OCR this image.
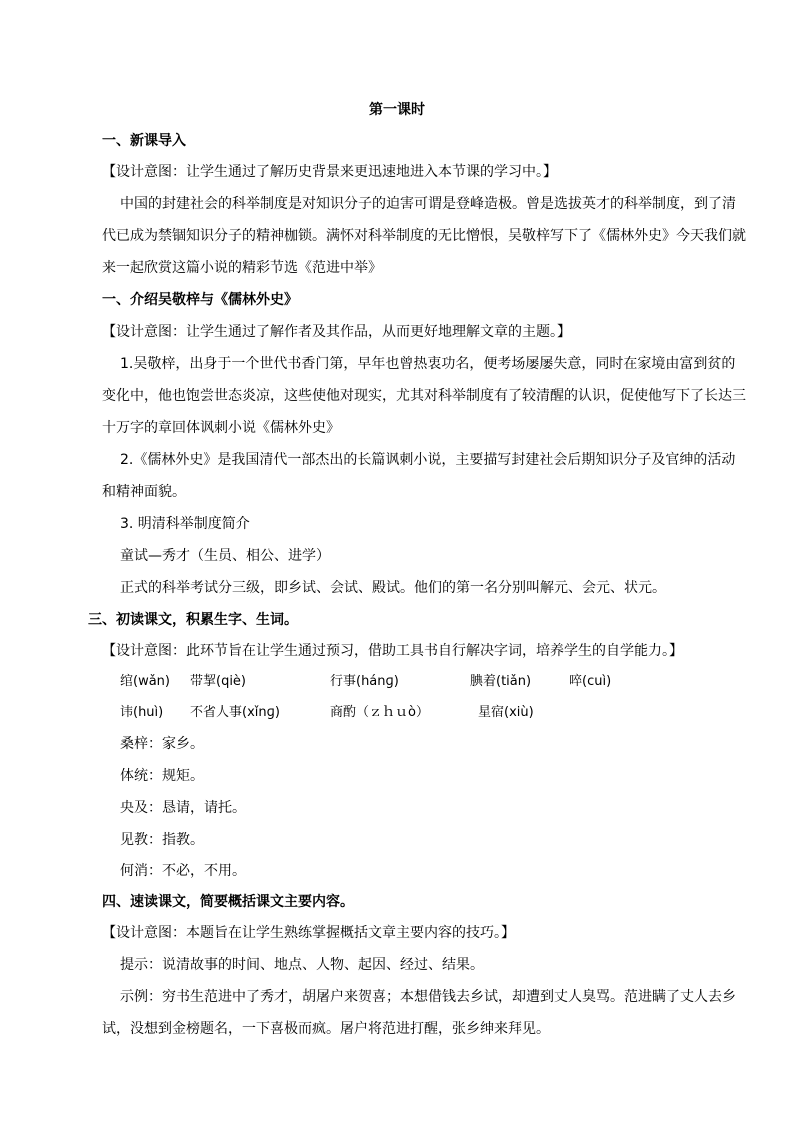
第一课时
一、新课导入
【设计意图：让学生通过了解历史背景来更迅速地进入本节课的学习中。】
中国的封建社会的科举制度是对知识分子的迫害可谓是登峰造极。曾是选拔英才的科举制度，到了清
代已成为禁锢知识分子的精神枷锁。满怀对科举制度的无比憎恨，吴敬梓写下了《儒林外史》今天我们就
来一起欣赏这篇小说的精彩节选《范进中举》
一、介绍吴敬梓与《儒林外史》
【设计意图：让学生通过了解作者及其作品，从而更好地理解文章的主题。】
1.吴敬梓，出身于一个世代书香门第，早年也曾热衷功名，便考场屡屡失意，同时在家境由富到贫的
变化中，他也饱尝世态炎凉，这些使他对现实，尤其对科举制度有了较清醒的认识，促使他写下了长达三
十万字的章回体讽刺小说《儒林外史》
2.《儒林外史》是我国清代一部杰出的长篇讽刺小说，主要描写封建社会后期知识分子及官绅的活动
和精神面貌。
3. 明清科举制度简介
童试—秀才（生员、相公、进学）
正式的科举考试分三级，即乡试、会试、殿试。他们的第一名分别叫解元、会元、状元。
三、初读课文，积累生字、生词。
【设计意图：此环节旨在让学生通过预习，借助工具书自行解决字词，培养学生的自学能力。】
绾(wǎn) 带挈(qiè)	行事(hánɡ)	腆着(tiǎn)	啐(cuì)
讳(huì) 不省人事(xǐnɡ)	商酌（ｚｈｕò）	星宿(xiù)
桑梓：家乡。
体统：规矩。
央及：恳请，请托。
见教：指教。
何消：不必，不用。
四、速读课文，简要概括课文主要内容。
【设计意图：本题旨在让学生熟练掌握概括文章主要内容的技巧。】
提示：说清故事的时间、地点、人物、起因、经过、结果。
示例：穷书生范进中了秀才，胡屠户来贺喜；本想借钱去乡试，却遭到丈人臭骂。范进瞒了丈人去乡
试，没想到金榜题名，一下喜极而疯。屠户将范进打醒，张乡绅来拜见。
